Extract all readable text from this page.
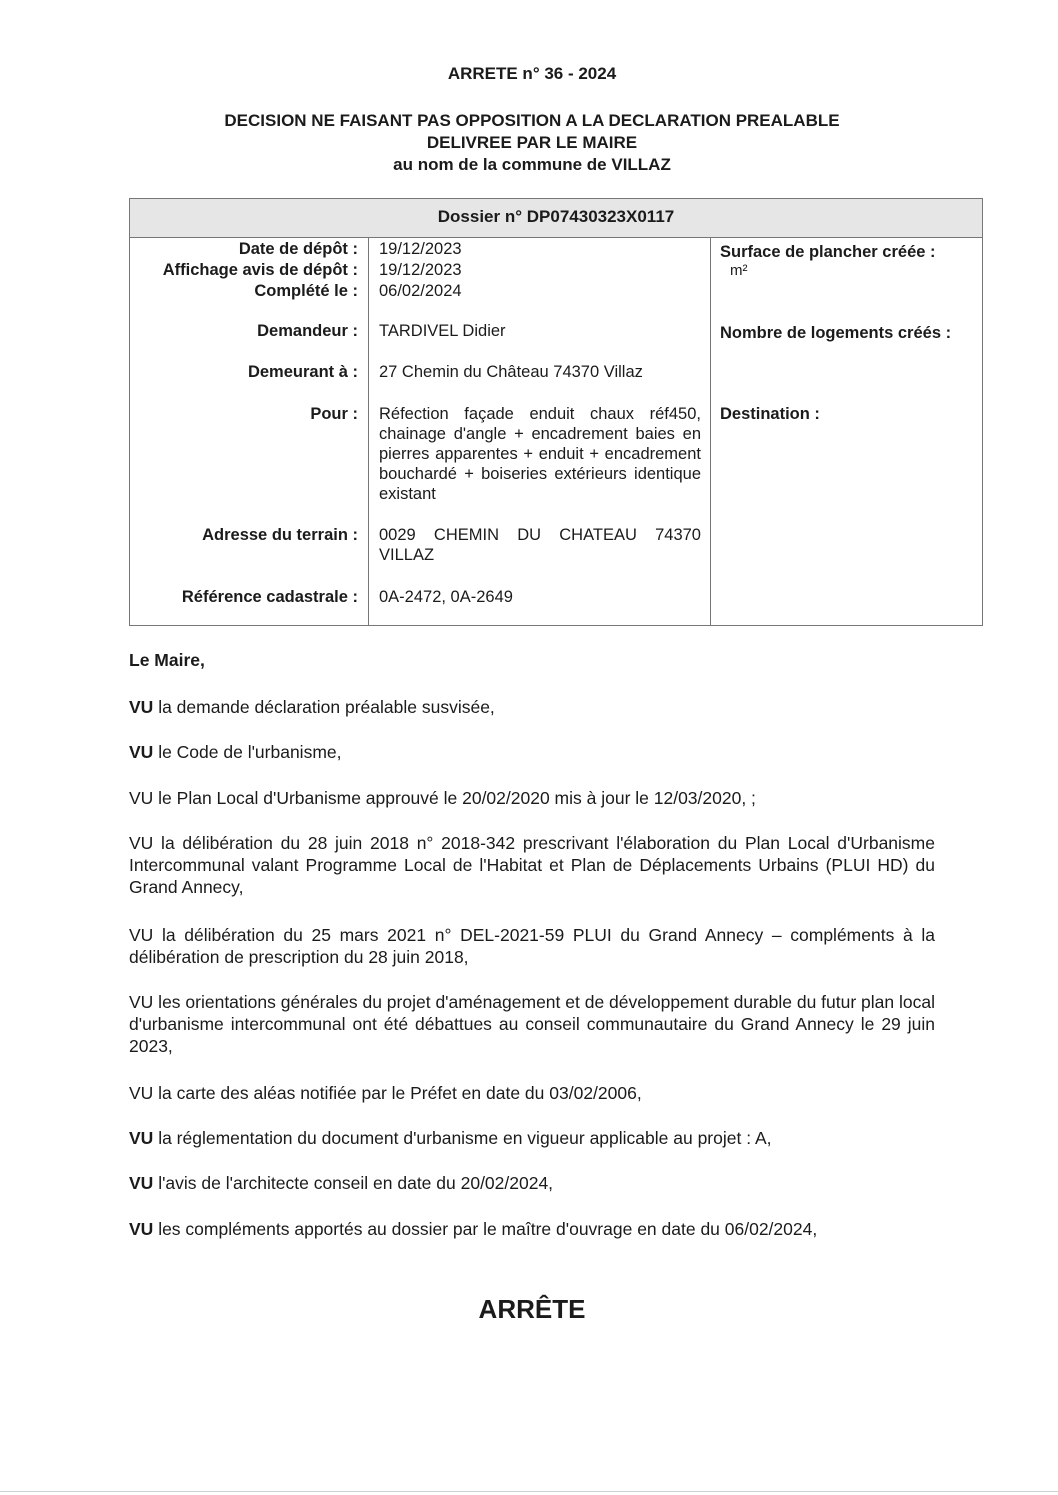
ARRETE n° 36 - 2024
DECISION NE FAISANT PAS OPPOSITION A LA DECLARATION PREALABLE
DELIVREE PAR LE MAIRE
au nom de la commune de VILLAZ
Dossier n° DP07430323X0117
Date de dépôt : 19/12/2023
Affichage avis de dépôt : 19/12/2023
Complété le : 06/02/2024
Demandeur : TARDIVEL Didier
Demeurant à : 27 Chemin du Château 74370 Villaz
Pour : Réfection façade enduit chaux réf450, chainage d'angle + encadrement baies en pierres apparentes + enduit + encadrement bouchardé + boiseries extérieurs identique existant
Adresse du terrain : 0029 CHEMIN DU CHATEAU 74370 VILLAZ
Référence cadastrale : 0A-2472, 0A-2649
Surface de plancher créée :
m²
Nombre de logements créés :
Destination :
Le Maire,
VU la demande déclaration préalable susvisée,
VU le Code de l'urbanisme,
VU le Plan Local d'Urbanisme approuvé le 20/02/2020 mis à jour le 12/03/2020, ;
VU la délibération du 28 juin 2018 n° 2018-342 prescrivant l'élaboration du Plan Local d'Urbanisme Intercommunal valant Programme Local de l'Habitat et Plan de Déplacements Urbains (PLUI HD) du Grand Annecy,
VU la délibération du 25 mars 2021 n° DEL-2021-59 PLUI du Grand Annecy – compléments à la délibération de prescription du 28 juin 2018,
VU les orientations générales du projet d'aménagement et de développement durable du futur plan local d'urbanisme intercommunal ont été débattues au conseil communautaire du Grand Annecy le 29 juin 2023,
VU la carte des aléas notifiée par le Préfet en date du 03/02/2006,
VU la réglementation du document d'urbanisme en vigueur applicable au projet : A,
VU l'avis de l'architecte conseil en date du 20/02/2024,
VU les compléments apportés au dossier par le maître d'ouvrage en date du 06/02/2024,
ARRÊTE
